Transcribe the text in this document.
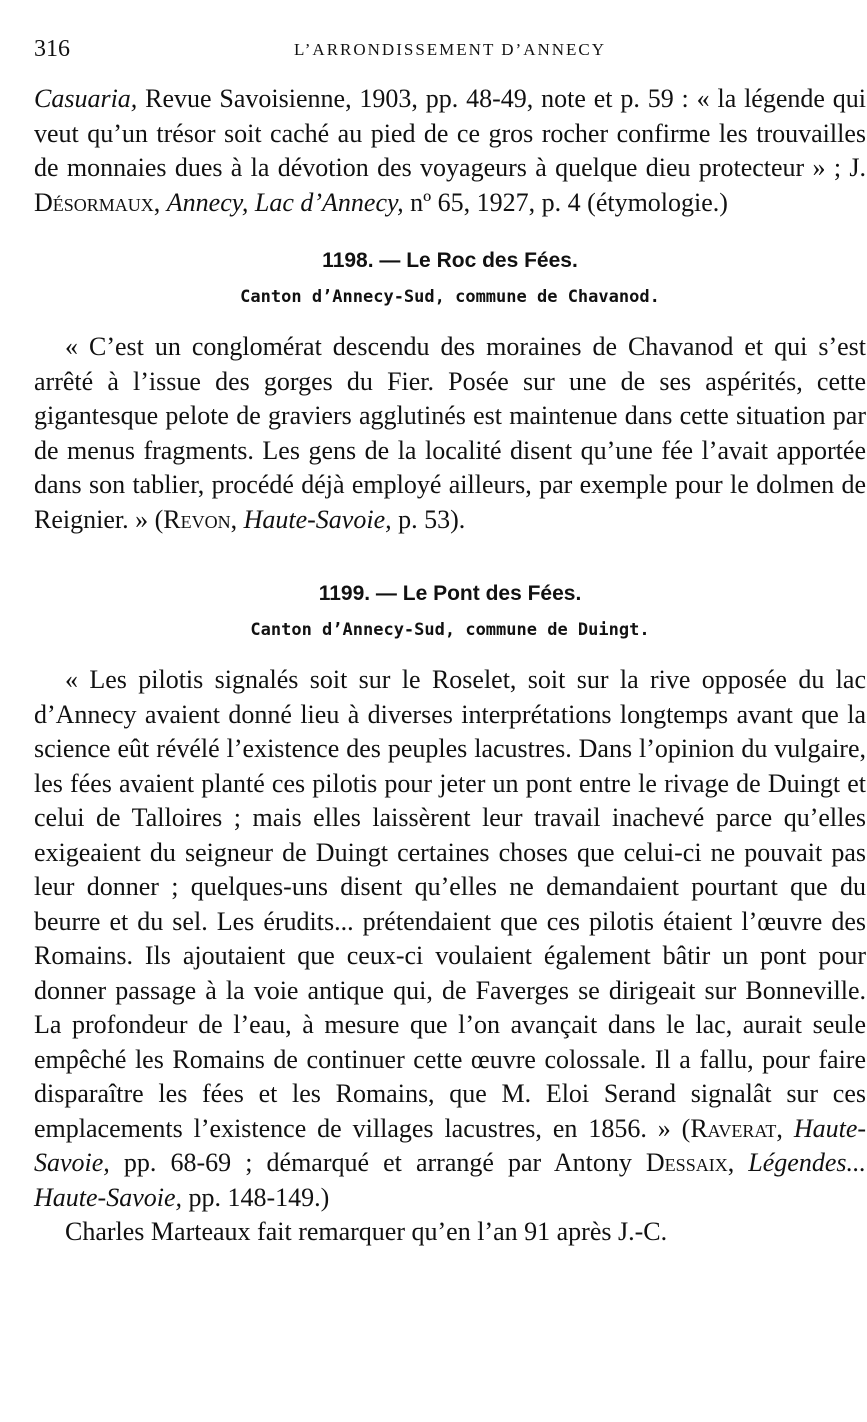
316	L’ARRONDISSEMENT D’ANNECY

Casuaria, Revue Savoisienne, 1903, pp. 48-49, note et p. 59 : « la légende qui veut qu’un trésor soit caché au pied de ce gros rocher confirme les trouvailles de monnaies dues à la dévotion des voyageurs à quelque dieu protecteur » ; J. Désormaux, Annecy, Lac d’Annecy, nº 65, 1927, p. 4 (étymologie.)

1198. — Le Roc des Fées.
Canton d’Annecy-Sud, commune de Chavanod.

« C’est un conglomérat descendu des moraines de Chavanod et qui s’est arrêté à l’issue des gorges du Fier. Posée sur une de ses aspérités, cette gigantesque pelote de graviers agglutinés est maintenue dans cette situation par de menus fragments. Les gens de la localité disent qu’une fée l’avait apportée dans son tablier, procédé déjà employé ailleurs, par exemple pour le dolmen de Reignier. » (Revon, Haute-Savoie, p. 53).

1199. — Le Pont des Fées.
Canton d’Annecy-Sud, commune de Duingt.

« Les pilotis signalés soit sur le Roselet, soit sur la rive opposée du lac d’Annecy avaient donné lieu à diverses interprétations longtemps avant que la science eût révélé l’existence des peuples lacustres. Dans l’opinion du vulgaire, les fées avaient planté ces pilotis pour jeter un pont entre le rivage de Duingt et celui de Talloires ; mais elles laissèrent leur travail inachevé parce qu’elles exigeaient du seigneur de Duingt certaines choses que celui-ci ne pouvait pas leur donner ; quelques-uns disent qu’elles ne demandaient pourtant que du beurre et du sel. Les érudits... prétendaient que ces pilotis étaient l’œuvre des Romains. Ils ajoutaient que ceux-ci voulaient également bâtir un pont pour donner passage à la voie antique qui, de Faverges se dirigeait sur Bonneville. La profondeur de l’eau, à mesure que l’on avançait dans le lac, aurait seule empêché les Romains de continuer cette œuvre colossale. Il a fallu, pour faire disparaître les fées et les Romains, que M. Eloi Serand signalât sur ces emplacements l’existence de villages lacustres, en 1856. » (Raverat, Haute-Savoie, pp. 68-69 ; démarqué et arrangé par Antony Dessaix, Légendes... Haute-Savoie, pp. 148-149.)

Charles Marteaux fait remarquer qu’en l’an 91 après J.-C.
